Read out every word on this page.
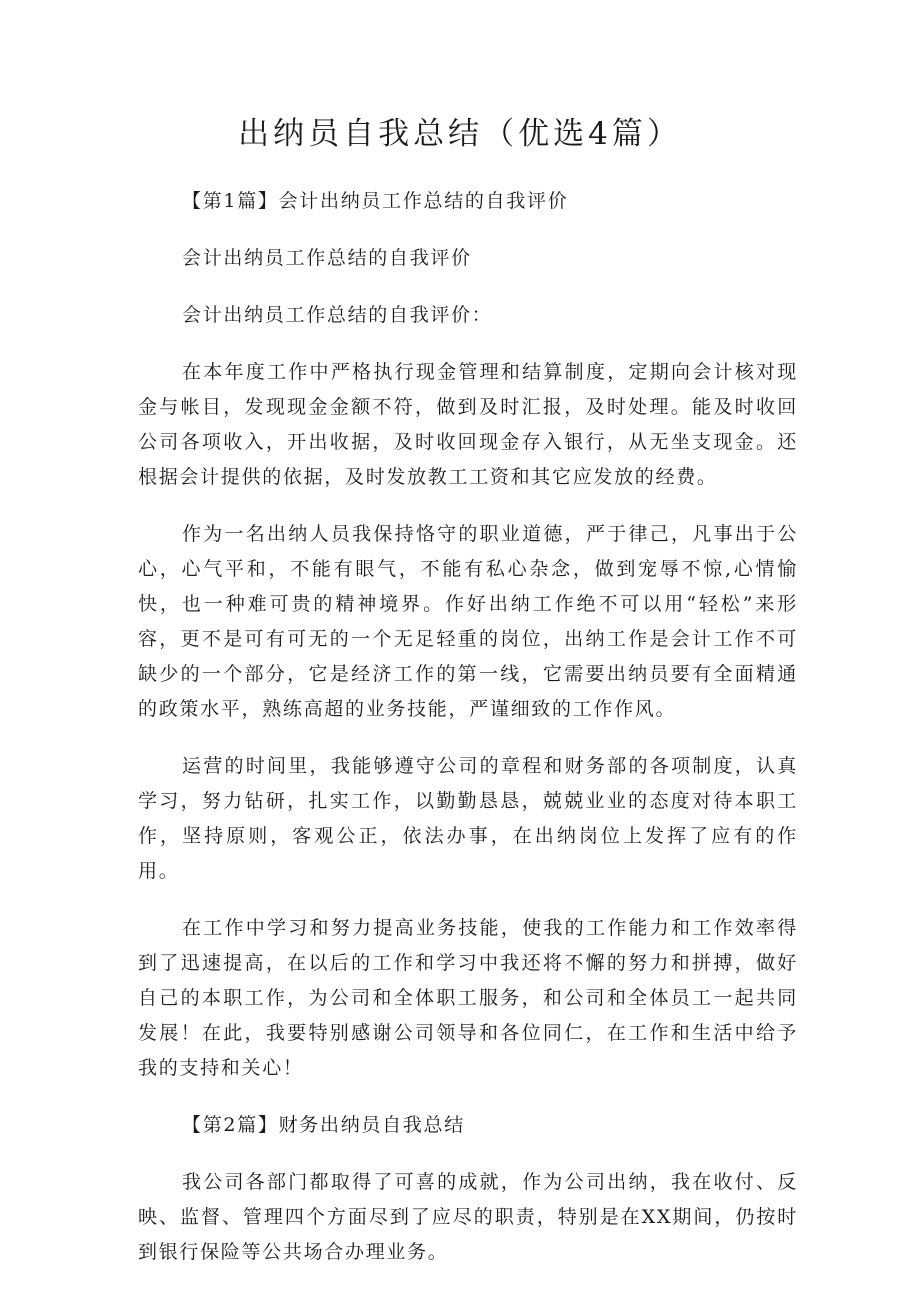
出纳员自我总结（优选4篇）

【第1篇】会计出纳员工作总结的自我评价

会计出纳员工作总结的自我评价

会计出纳员工作总结的自我评价：

在本年度工作中严格执行现金管理和结算制度，定期向会计核对现金与帐目，发现现金金额不符，做到及时汇报，及时处理。能及时收回公司各项收入，开出收据，及时收回现金存入银行，从无坐支现金。还根据会计提供的依据，及时发放教工工资和其它应发放的经费。

作为一名出纳人员我保持恪守的职业道德，严于律己，凡事出于公心，心气平和，不能有眼气，不能有私心杂念，做到宠辱不惊,心情愉快，也一种难可贵的精神境界。作好出纳工作绝不可以用“轻松”来形容，更不是可有可无的一个无足轻重的岗位，出纳工作是会计工作不可缺少的一个部分，它是经济工作的第一线，它需要出纳员要有全面精通的政策水平，熟练高超的业务技能，严谨细致的工作作风。

运营的时间里，我能够遵守公司的章程和财务部的各项制度，认真学习，努力钻研，扎实工作，以勤勤恳恳，兢兢业业的态度对待本职工作，坚持原则，客观公正，依法办事，在出纳岗位上发挥了应有的作用。

在工作中学习和努力提高业务技能，使我的工作能力和工作效率得到了迅速提高，在以后的工作和学习中我还将不懈的努力和拼搏，做好自己的本职工作，为公司和全体职工服务，和公司和全体员工一起共同发展！在此，我要特别感谢公司领导和各位同仁，在工作和生活中给予我的支持和关心！

【第2篇】财务出纳员自我总结

我公司各部门都取得了可喜的成就，作为公司出纳，我在收付、反映、监督、管理四个方面尽到了应尽的职责，特别是在XX期间，仍按时到银行保险等公共场合办理业务。
